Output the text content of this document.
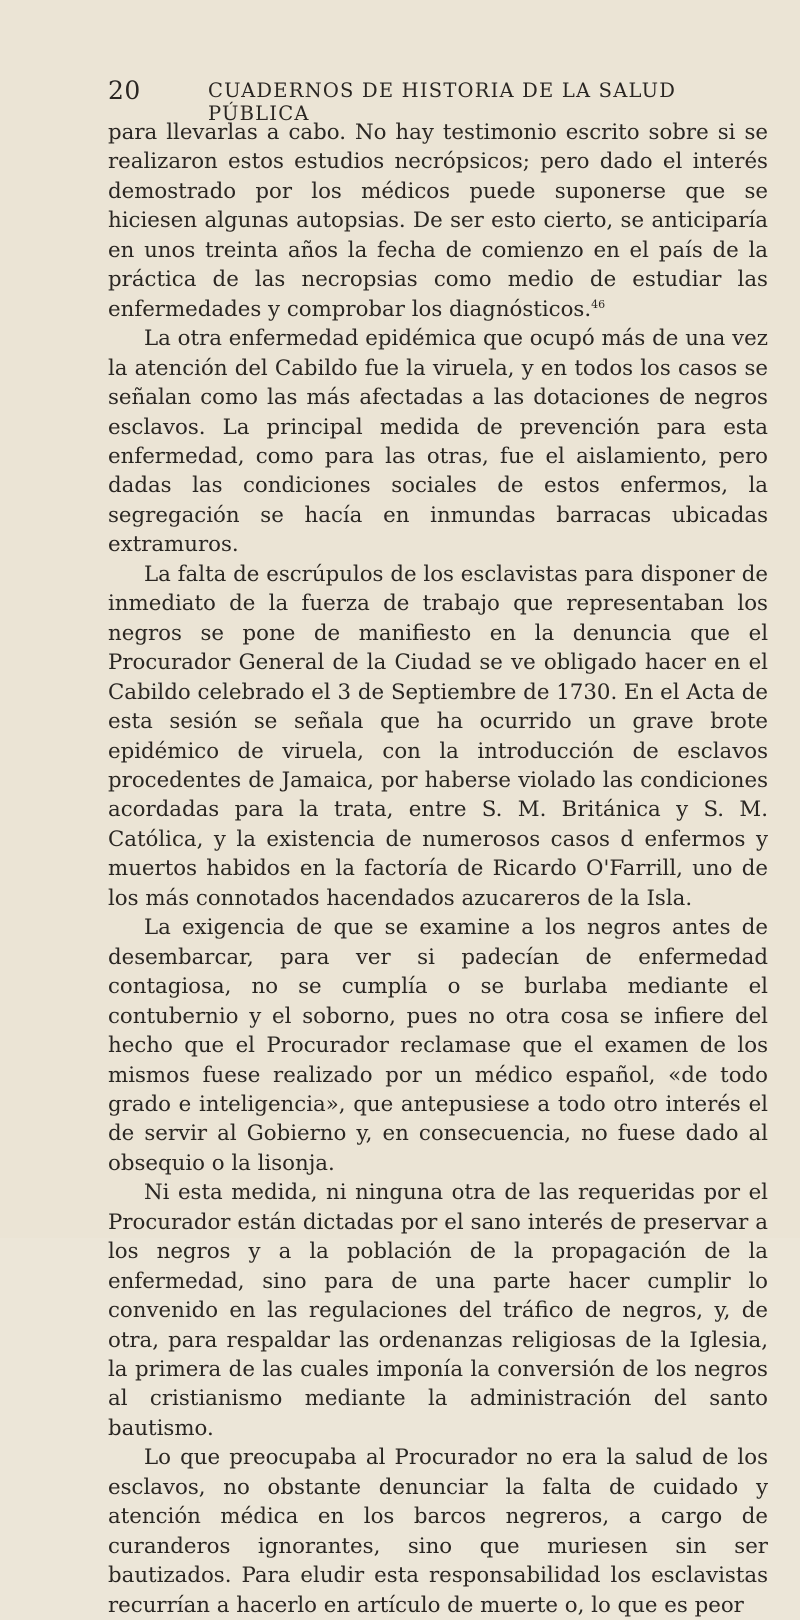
20	CUADERNOS DE HISTORIA DE LA SALUD PÚBLICA

para llevarlas a cabo. No hay testimonio escrito sobre si se realizaron estos estudios necrópsicos; pero dado el interés demostrado por los médicos puede suponerse que se hiciesen algunas autopsias. De ser esto cierto, se anticiparía en unos treinta años la fecha de comienzo en el país de la práctica de las necropsias como medio de estudiar las enfermedades y comprobar los diagnósticos.$^{46}$

La otra enfermedad epidémica que ocupó más de una vez la atención del Cabildo fue la viruela, y en todos los casos se señalan como las más afectadas a las dotaciones de negros esclavos. La principal medida de prevención para esta enfermedad, como para las otras, fue el aislamiento, pero dadas las condiciones sociales de estos enfermos, la segregación se hacía en inmundas barracas ubicadas extramuros.

La falta de escrúpulos de los esclavistas para disponer de inmediato de la fuerza de trabajo que representaban los negros se pone de manifiesto en la denuncia que el Procurador General de la Ciudad se ve obligado hacer en el Cabildo celebrado el 3 de Septiembre de 1730. En el Acta de esta sesión se señala que ha ocurrido un grave brote epidémico de viruela, con la introducción de esclavos procedentes de Jamaica, por haberse violado las condiciones acordadas para la trata, entre S. M. Británica y S. M. Católica, y la existencia de numerosos casos d enfermos y muertos habidos en la factoría de Ricardo O'Farrill, uno de los más connotados hacendados azucareros de la Isla.

La exigencia de que se examine a los negros antes de desembarcar, para ver si padecían de enfermedad contagiosa, no se cumplía o se burlaba mediante el contubernio y el soborno, pues no otra cosa se infiere del hecho que el Procurador reclamase que el examen de los mismos fuese realizado por un médico español, «de todo grado e inteligencia», que antepusiese a todo otro interés el de servir al Gobierno y, en consecuencia, no fuese dado al obsequio o la lisonja.

Ni esta medida, ni ninguna otra de las requeridas por el Procurador están dictadas por el sano interés de preservar a los negros y a la población de la propagación de la enfermedad, sino para de una parte hacer cumplir lo convenido en las regulaciones del tráfico de negros, y, de otra, para respaldar las ordenanzas religiosas de la Iglesia, la primera de las cuales imponía la conversión de los negros al cristianismo mediante la administración del santo bautismo.

Lo que preocupaba al Procurador no era la salud de los esclavos, no obstante denunciar la falta de cuidado y atención médica en los barcos negreros, a cargo de curanderos ignorantes, sino que muriesen sin ser bautizados. Para eludir esta responsabilidad los esclavistas recurrían a hacerlo en artículo de muerte o, lo que es peor
